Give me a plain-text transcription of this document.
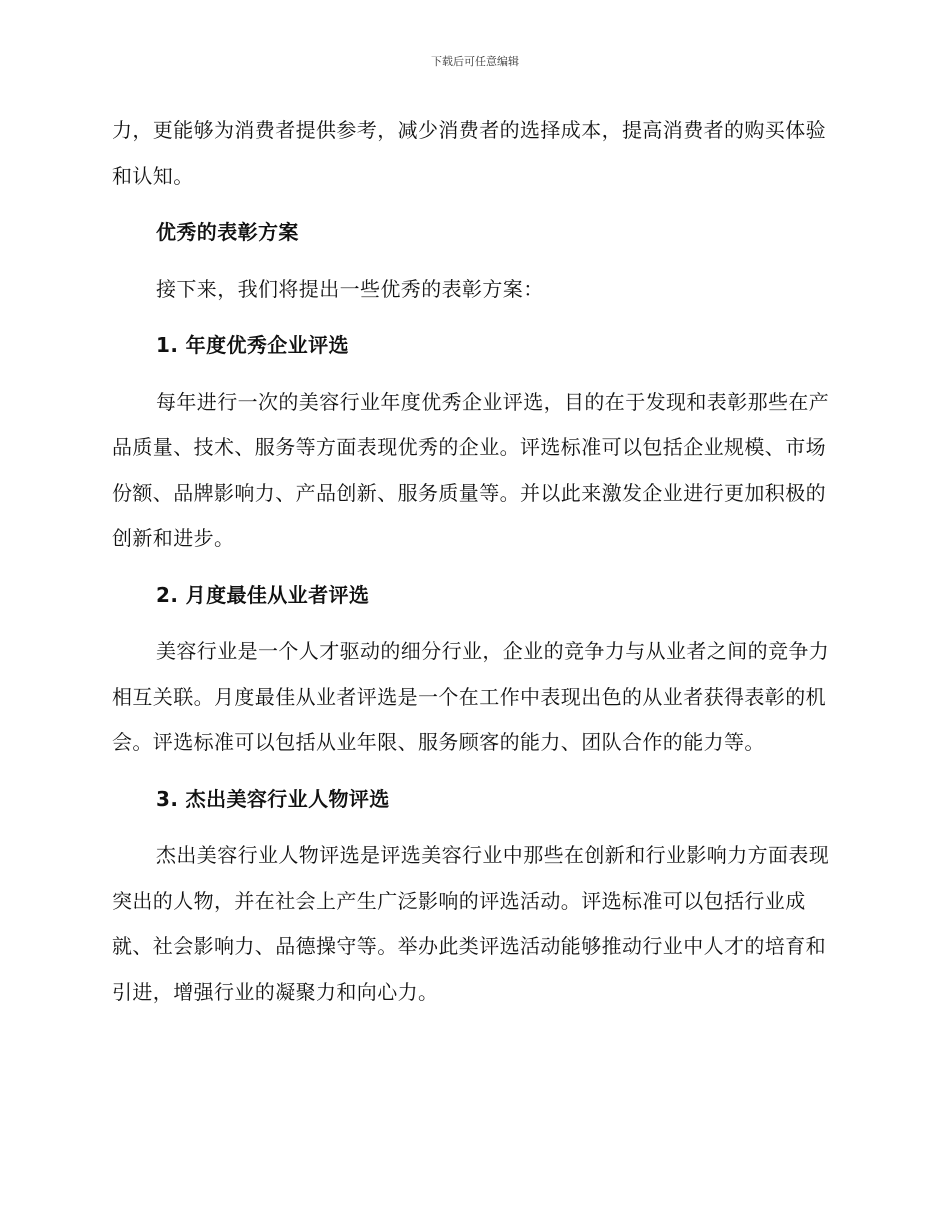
下载后可任意编辑

力，更能够为消费者提供参考，减少消费者的选择成本，提高消费者的购买体验和认知。

优秀的表彰方案

接下来，我们将提出一些优秀的表彰方案：

1. 年度优秀企业评选

每年进行一次的美容行业年度优秀企业评选，目的在于发现和表彰那些在产品质量、技术、服务等方面表现优秀的企业。评选标准可以包括企业规模、市场份额、品牌影响力、产品创新、服务质量等。并以此来激发企业进行更加积极的创新和进步。

2. 月度最佳从业者评选

美容行业是一个人才驱动的细分行业，企业的竞争力与从业者之间的竞争力相互关联。月度最佳从业者评选是一个在工作中表现出色的从业者获得表彰的机会。评选标准可以包括从业年限、服务顾客的能力、团队合作的能力等。

3. 杰出美容行业人物评选

杰出美容行业人物评选是评选美容行业中那些在创新和行业影响力方面表现突出的人物，并在社会上产生广泛影响的评选活动。评选标准可以包括行业成就、社会影响力、品德操守等。举办此类评选活动能够推动行业中人才的培育和引进，增强行业的凝聚力和向心力。
